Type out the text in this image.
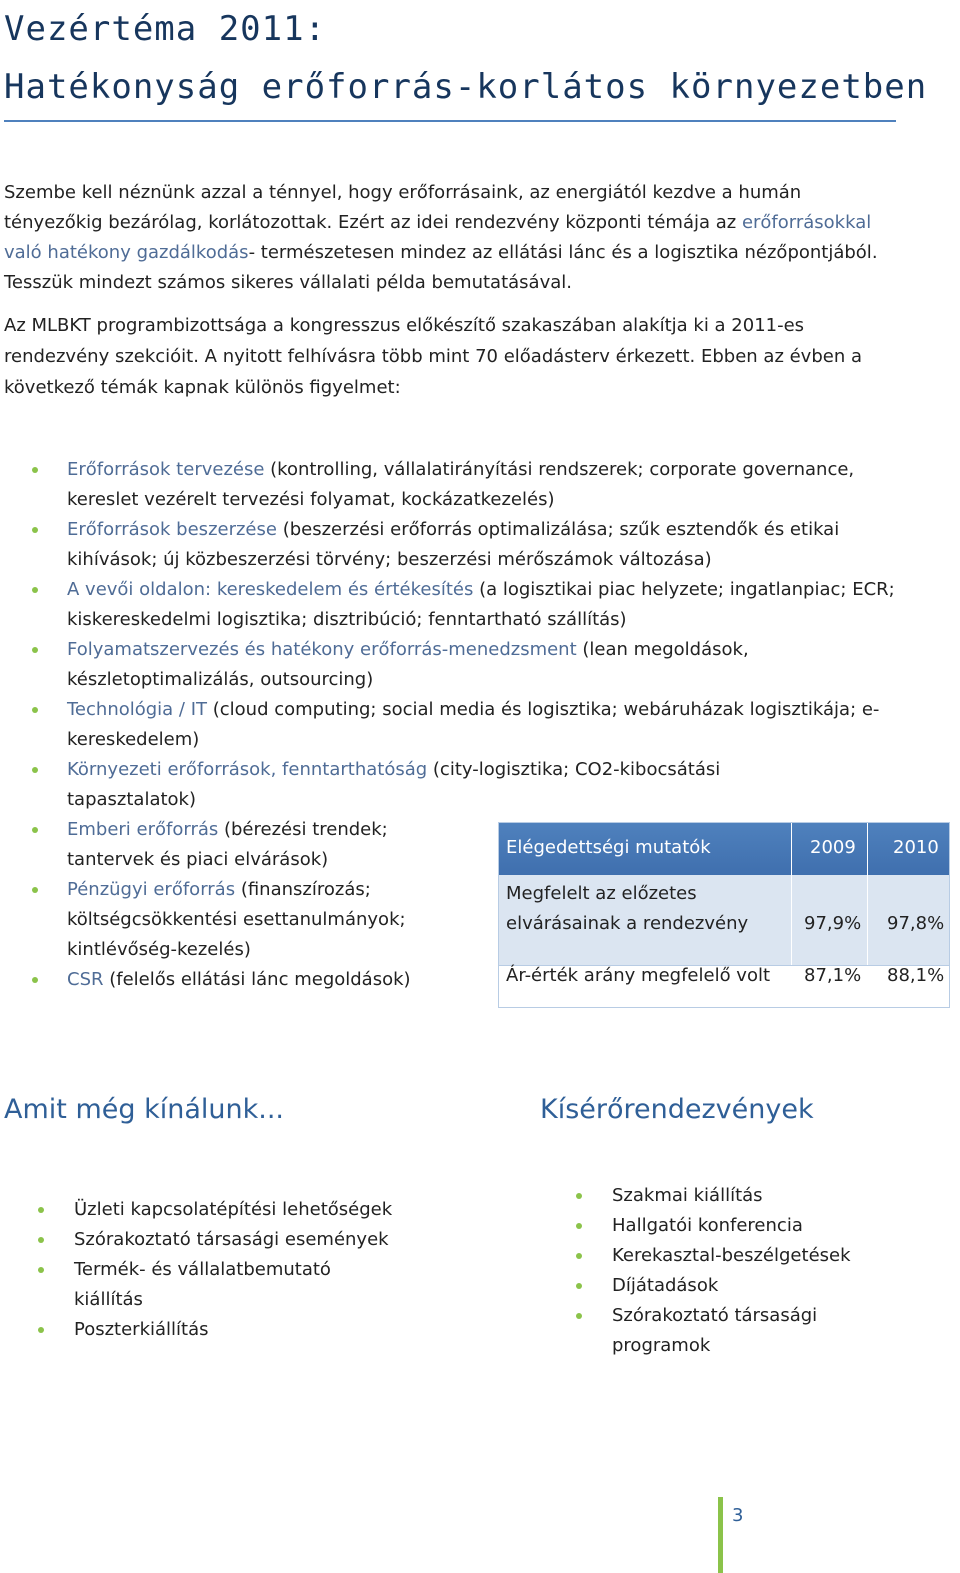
Vezértéma 2011:
Hatékonyság erőforrás-korlátos környezetben

Szembe kell néznünk azzal a ténnyel, hogy erőforrásaink, az energiától kezdve a humán tényezőkig bezárólag, korlátozottak. Ezért az idei rendezvény központi témája az erőforrásokkal való hatékony gazdálkodás- természetesen mindez az ellátási lánc és a logisztika nézőpontjából. Tesszük mindezt számos sikeres vállalati példa bemutatásával.

Az MLBKT programbizottsága a kongresszus előkészítő szakaszában alakítja ki a 2011-es rendezvény szekcióit. A nyitott felhívásra több mint 70 előadásterv érkezett. Ebben az évben a következő témák kapnak különös figyelmet:

Erőforrások tervezése (kontrolling, vállalatirányítási rendszerek; corporate governance, kereslet vezérelt tervezési folyamat, kockázatkezelés)
Erőforrások beszerzése (beszerzési erőforrás optimalizálása; szűk esztendők és etikai kihívások; új közbeszerzési törvény; beszerzési mérőszámok változása)
A vevői oldalon: kereskedelem és értékesítés (a logisztikai piac helyzete; ingatlanpiac; ECR; kiskereskedelmi logisztika; disztribúció; fenntartható szállítás)
Folyamatszervezés és hatékony erőforrás-menedzsment (lean megoldások, készletoptimalizálás, outsourcing)
Technológia / IT (cloud computing; social media és logisztika; webáruházak logisztikája; e-kereskedelem)
Környezeti erőforrások, fenntarthatóság (city-logisztika; CO2-kibocsátási tapasztalatok)
Emberi erőforrás (bérezési trendek; tantervek és piaci elvárások)
Pénzügyi erőforrás (finanszírozás; költségcsökkentési esettanulmányok; kintlévőség-kezelés)
CSR (felelős ellátási lánc megoldások)
Elégedettségi mutatók	2009 2010
Megfelelt az előzetes
elvárásainak a rendezvény	97,9% 97,8%
Ár-érték arány megfelelő volt 87,1% 88,1%
Amit még kínálunk...
Üzleti kapcsolatépítési lehetőségek
Szórakoztató társasági események
Termék- és vállalatbemutató kiállítás
Poszterkiállítás
Kísérőrendezvények
Szakmai kiállítás
Hallgatói konferencia
Kerekasztal-beszélgetések
Díjátadások
Szórakoztató társasági programok
3
